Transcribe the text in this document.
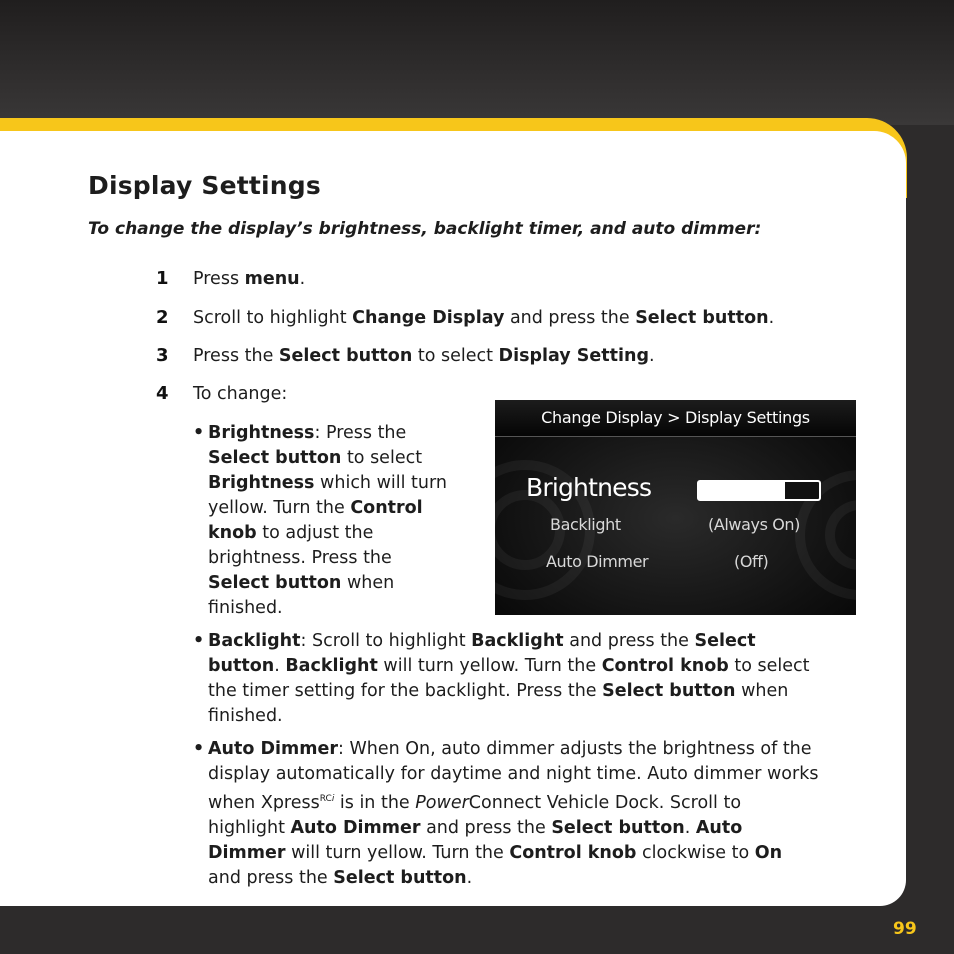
Display Settings

To change the display’s brightness, backlight timer, and auto dimmer:

1 Press menu.
2 Scroll to highlight Change Display and press the Select button.
3 Press the Select button to select Display Setting.
4 To change:
• Brightness: Press the Select button to select Brightness which will turn yellow. Turn the Control knob to adjust the brightness. Press the Select button when finished.
Change Display > Display Settings
Brightness
Backlight	(Always On)
Auto Dimmer	(Off)
• Backlight: Scroll to highlight Backlight and press the Select button. Backlight will turn yellow. Turn the Control knob to select the timer setting for the backlight. Press the Select button when finished.
• Auto Dimmer: When On, auto dimmer adjusts the brightness of the display automatically for daytime and night time. Auto dimmer works when Xpress$^{RCi}$ is in the PowerConnect Vehicle Dock. Scroll to highlight Auto Dimmer and press the Select button. Auto Dimmer will turn yellow. Turn the Control knob clockwise to On and press the Select button.
99
